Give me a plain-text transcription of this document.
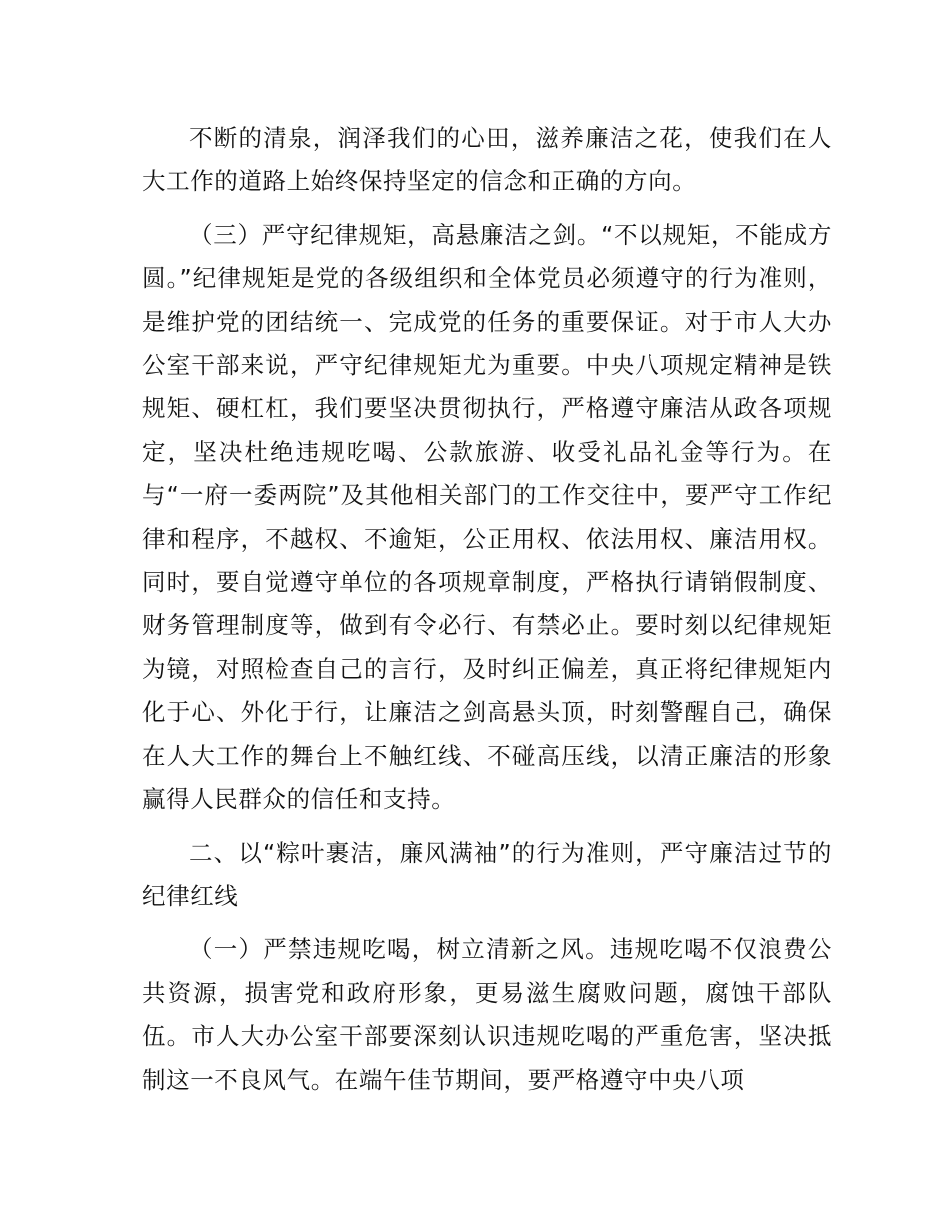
不断的清泉，润泽我们的心田，滋养廉洁之花，使我们在人大工作的道路上始终保持坚定的信念和正确的方向。

（三）严守纪律规矩，高悬廉洁之剑。“不以规矩，不能成方圆。”纪律规矩是党的各级组织和全体党员必须遵守的行为准则，是维护党的团结统一、完成党的任务的重要保证。对于市人大办公室干部来说，严守纪律规矩尤为重要。中央八项规定精神是铁规矩、硬杠杠，我们要坚决贯彻执行，严格遵守廉洁从政各项规定，坚决杜绝违规吃喝、公款旅游、收受礼品礼金等行为。在与“一府一委两院”及其他相关部门的工作交往中，要严守工作纪律和程序，不越权、不逾矩，公正用权、依法用权、廉洁用权。同时，要自觉遵守单位的各项规章制度，严格执行请销假制度、财务管理制度等，做到有令必行、有禁必止。要时刻以纪律规矩为镜，对照检查自己的言行，及时纠正偏差，真正将纪律规矩内化于心、外化于行，让廉洁之剑高悬头顶，时刻警醒自己，确保在人大工作的舞台上不触红线、不碰高压线，以清正廉洁的形象赢得人民群众的信任和支持。

二、以“粽叶裹洁，廉风满袖”的行为准则，严守廉洁过节的纪律红线

（一）严禁违规吃喝，树立清新之风。违规吃喝不仅浪费公共资源，损害党和政府形象，更易滋生腐败问题，腐蚀干部队伍。市人大办公室干部要深刻认识违规吃喝的严重危害，坚决抵制这一不良风气。在端午佳节期间，要严格遵守中央八项
